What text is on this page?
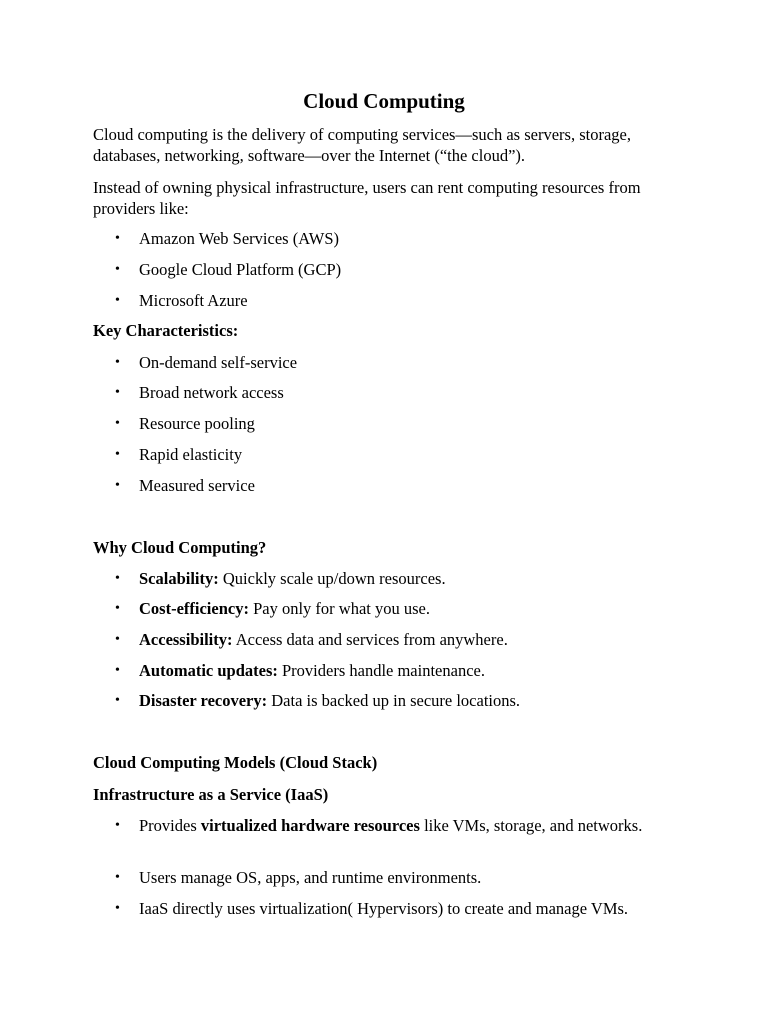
Cloud Computing
Cloud computing is the delivery of computing services—such as servers, storage, databases, networking, software—over the Internet (“the cloud”).
Instead of owning physical infrastructure, users can rent computing resources from providers like:
• Amazon Web Services (AWS)
• Google Cloud Platform (GCP)
• Microsoft Azure
Key Characteristics:
• On-demand self-service
• Broad network access
• Resource pooling
• Rapid elasticity
• Measured service
Why Cloud Computing?
• Scalability: Quickly scale up/down resources.
• Cost-efficiency: Pay only for what you use.
• Accessibility: Access data and services from anywhere.
• Automatic updates: Providers handle maintenance.
• Disaster recovery: Data is backed up in secure locations.
Cloud Computing Models (Cloud Stack)
Infrastructure as a Service (IaaS)
• Provides virtualized hardware resources like VMs, storage, and networks.
• Users manage OS, apps, and runtime environments.
• IaaS directly uses virtualization( Hypervisors) to create and manage VMs.
